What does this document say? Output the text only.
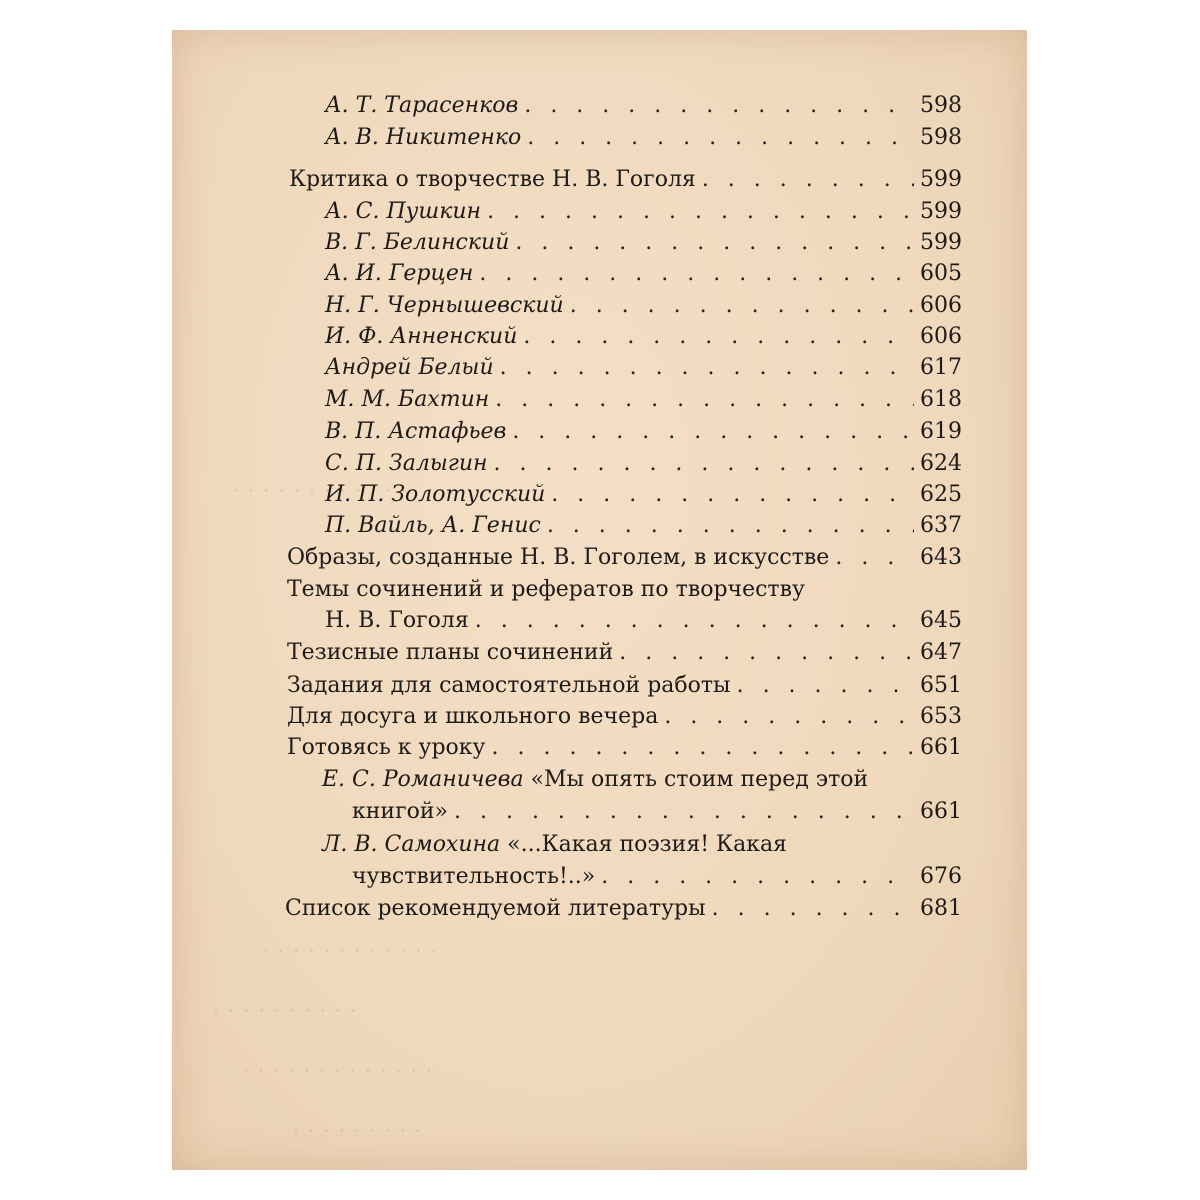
. . . . . . . . . . . .
. . . . . . . . . . . .
. . . . . . . . . .
. . . . . . . . . . . . .
. . . . . . . . .
А. Т. Тарасенков . . .	598
А. В. Никитенко . . .	598
Критика о творчестве Н. В. Гоголя . . .	599
А. С. Пушкин . . .	599
В. Г. Белинский . . .	599
А. И. Герцен . . .	605
Н. Г. Чернышевский . . .	606
И. Ф. Анненский . . .	606
Андрей Белый . . .	617
М. М. Бахтин . . .	618
В. П. Астафьев . . .	619
С. П. Залыгин . . .	624
И. П. Золотусский . . .	625
П. Вайль, А. Генис . . .	637
Образы, созданные Н. В. Гоголем, в искусстве . . .	643
Темы сочинений и рефератов по творчеству
Н. В. Гоголя . . .	645
Тезисные планы сочинений . . .	647
Задания для самостоятельной работы . . .	651
Для досуга и школьного вечера . . .	653
Готовясь к уроку . . .	661
Е. С. Романичева «Мы опять стоим перед этой
книгой» . . .	661
Л. В. Самохина «...Какая поэзия! Какая
чувствительность!..» . . .	676
Список рекомендуемой литературы . . .	681
